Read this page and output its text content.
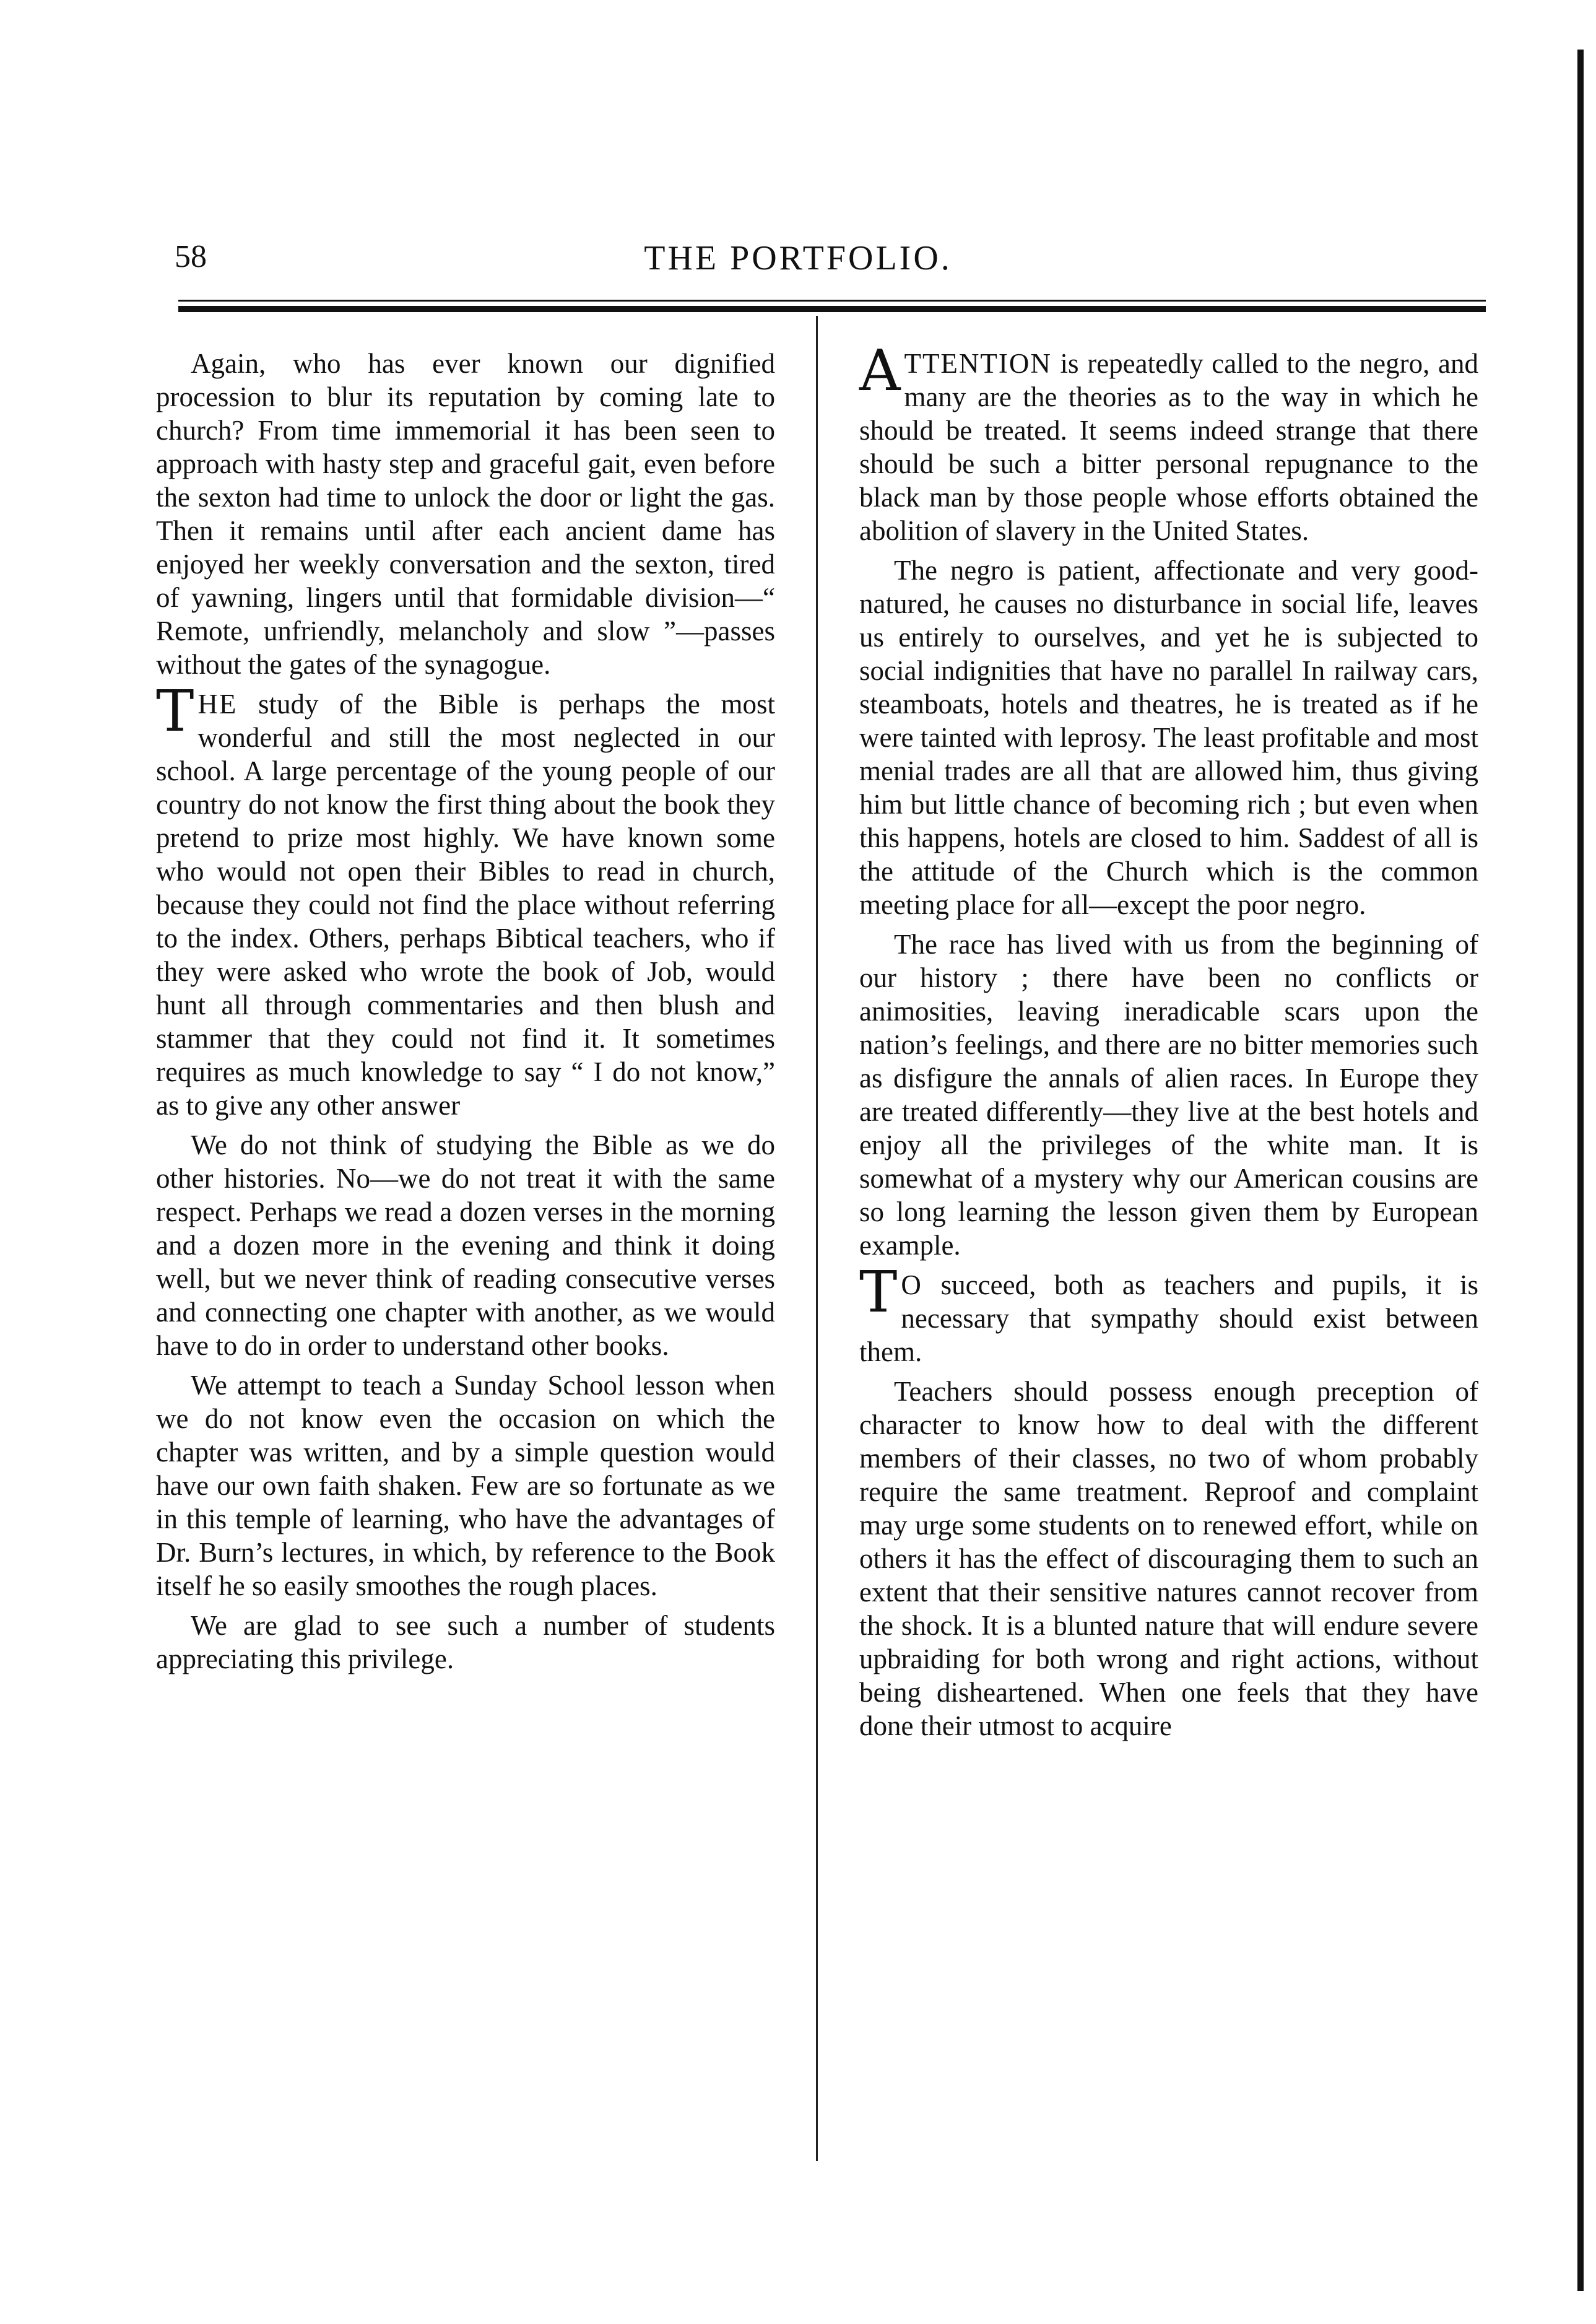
58	THE PORTFOLIO.

Again, who has ever known our dignified procession to blur its reputation by coming late to church? From time immemorial it has been seen to approach with hasty step and graceful gait, even before the sexton had time to unlock the door or light the gas. Then it remains until after each ancient dame has enjoyed her weekly conversation and the sexton, tired of yawning, lingers until that formidable division—“ Remote, unfriendly, melancholy and slow ”—passes without the gates of the synagogue.

THE study of the Bible is perhaps the most wonderful and still the most neglected in our school. A large percentage of the young people of our country do not know the first thing about the book they pretend to prize most highly. We have known some who would not open their Bibles to read in church, because they could not find the place without referring to the index. Others, perhaps Bibtical teachers, who if they were asked who wrote the book of Job, would hunt all through commentaries and then blush and stammer that they could not find it. It sometimes requires as much knowledge to say “ I do not know,” as to give any other answer

We do not think of studying the Bible as we do other histories. No—we do not treat it with the same respect. Perhaps we read a dozen verses in the morning and a dozen more in the evening and think it doing well, but we never think of reading consecutive verses and connecting one chapter with another, as we would have to do in order to understand other books.

We attempt to teach a Sunday School lesson when we do not know even the occasion on which the chapter was written, and by a simple question would have our own faith shaken. Few are so fortunate as we in this temple of learning, who have the advantages of Dr. Burn’s lectures, in which, by reference to the Book itself he so easily smoothes the rough places.

We are glad to see such a number of students appreciating this privilege.

ATTENTION is repeatedly called to the negro, and many are the theories as to the way in which he should be treated. It seems indeed strange that there should be such a bitter personal repugnance to the black man by those people whose efforts obtained the abolition of slavery in the United States.

The negro is patient, affectionate and very good-natured, he causes no disturbance in social life, leaves us entirely to ourselves, and yet he is subjected to social indignities that have no parallel In railway cars, steamboats, hotels and theatres, he is treated as if he were tainted with leprosy. The least profitable and most menial trades are all that are allowed him, thus giving him but little chance of becoming rich ; but even when this happens, hotels are closed to him. Saddest of all is the attitude of the Church which is the common meeting place for all—except the poor negro.

The race has lived with us from the beginning of our history ; there have been no conflicts or animosities, leaving ineradicable scars upon the nation’s feelings, and there are no bitter memories such as disfigure the annals of alien races. In Europe they are treated differently—they live at the best hotels and enjoy all the privileges of the white man. It is somewhat of a mystery why our American cousins are so long learning the lesson given them by European example.

T O succeed, both as teachers and pupils, it is necessary that sympathy should exist between them.

Teachers should possess enough preception of character to know how to deal with the different members of their classes, no two of whom probably require the same treatment. Reproof and complaint may urge some students on to renewed effort, while on others it has the effect of discouraging them to such an extent that their sensitive natures cannot recover from the shock. It is a blunted nature that will endure severe upbraiding for both wrong and right actions, without being disheartened. When one feels that they have done their utmost to acquire
